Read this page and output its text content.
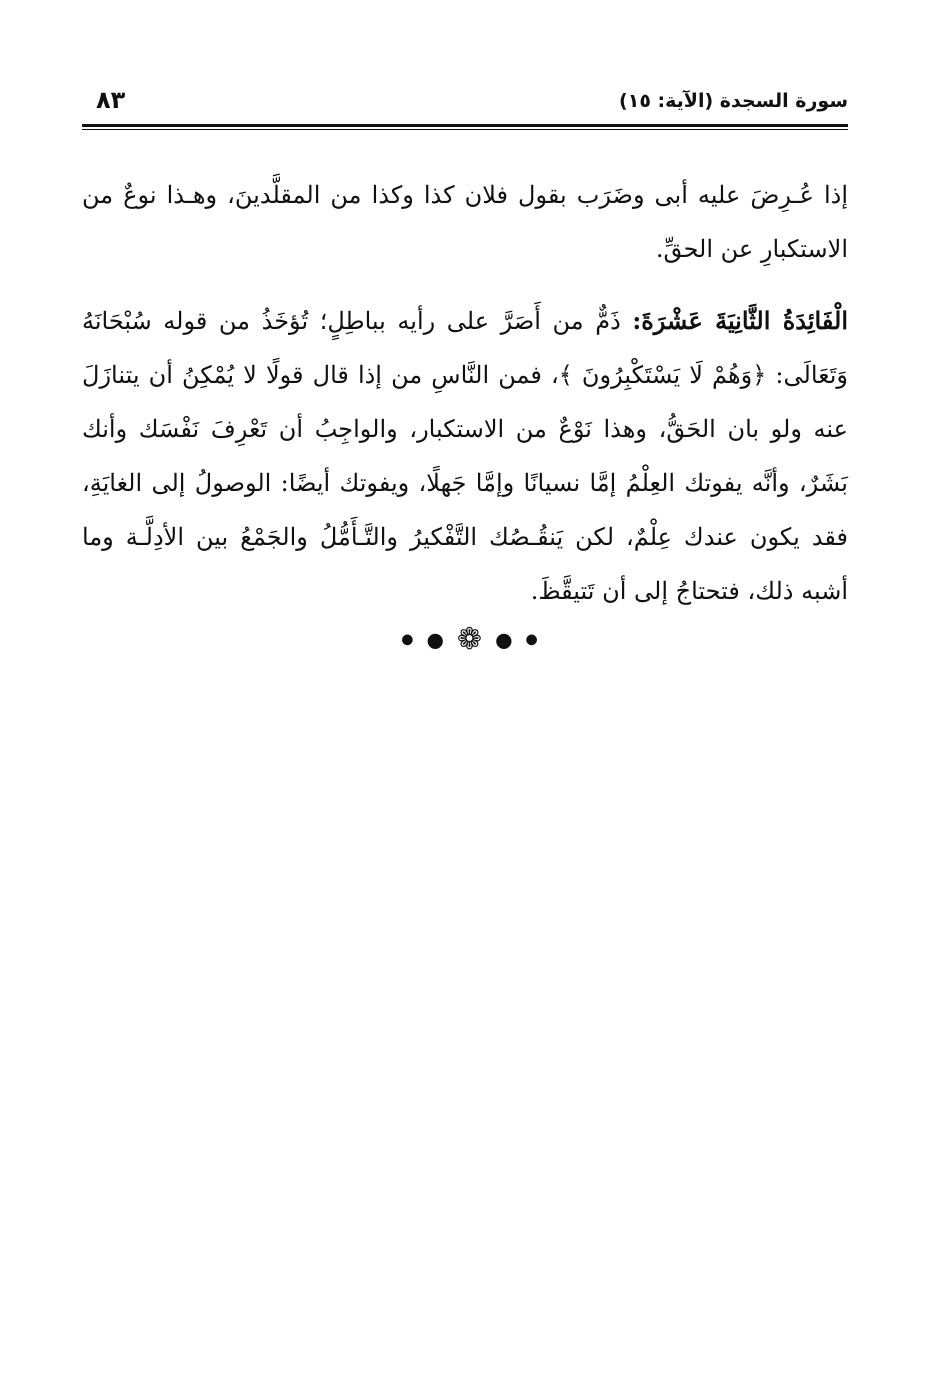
سورة السجدة (الآية: ١٥)
٨٣

إذا عُـرِضَ عليه أبى وضَرَب بقول فلان كذا وكذا من المقلَّدينَ، وهـذا نوعٌ من الاستكبارِ عن الحقِّ.

الْفَائِدَةُ الثَّانِيَةَ عَشْرَةَ: ذَمٌّ من أَصَرَّ على رأيه بباطِلٍ؛ تُؤخَذُ من قوله سُبْحَانَهُ وَتَعَالَى: ﴿وَهُمْ لَا يَسْتَكْبِرُونَ ﴾، فمن النَّاسِ من إذا قال قولًا لا يُمْكِنُ أن يتنازَلَ عنه ولو بان الحَقُّ، وهذا نَوْعٌ من الاستكبار، والواجِبُ أن تَعْرِفَ نَفْسَك وأنك بَشَرٌ، وأنَّه يفوتك العِلْمُ إمَّا نسيانًا وإمَّا جَهلًا، ويفوتك أيضًا: الوصولُ إلى الغايَةِ، فقد يكون عندك عِلْمٌ، لكن يَنقُـصُك التَّفْكيرُ والتَّـأَمُّلُ والجَمْعُ بين الأدِلَّـة وما أشبه ذلك، فتحتاجُ إلى أن تَتيقَّظَ.

● ● ❁ ● ●
